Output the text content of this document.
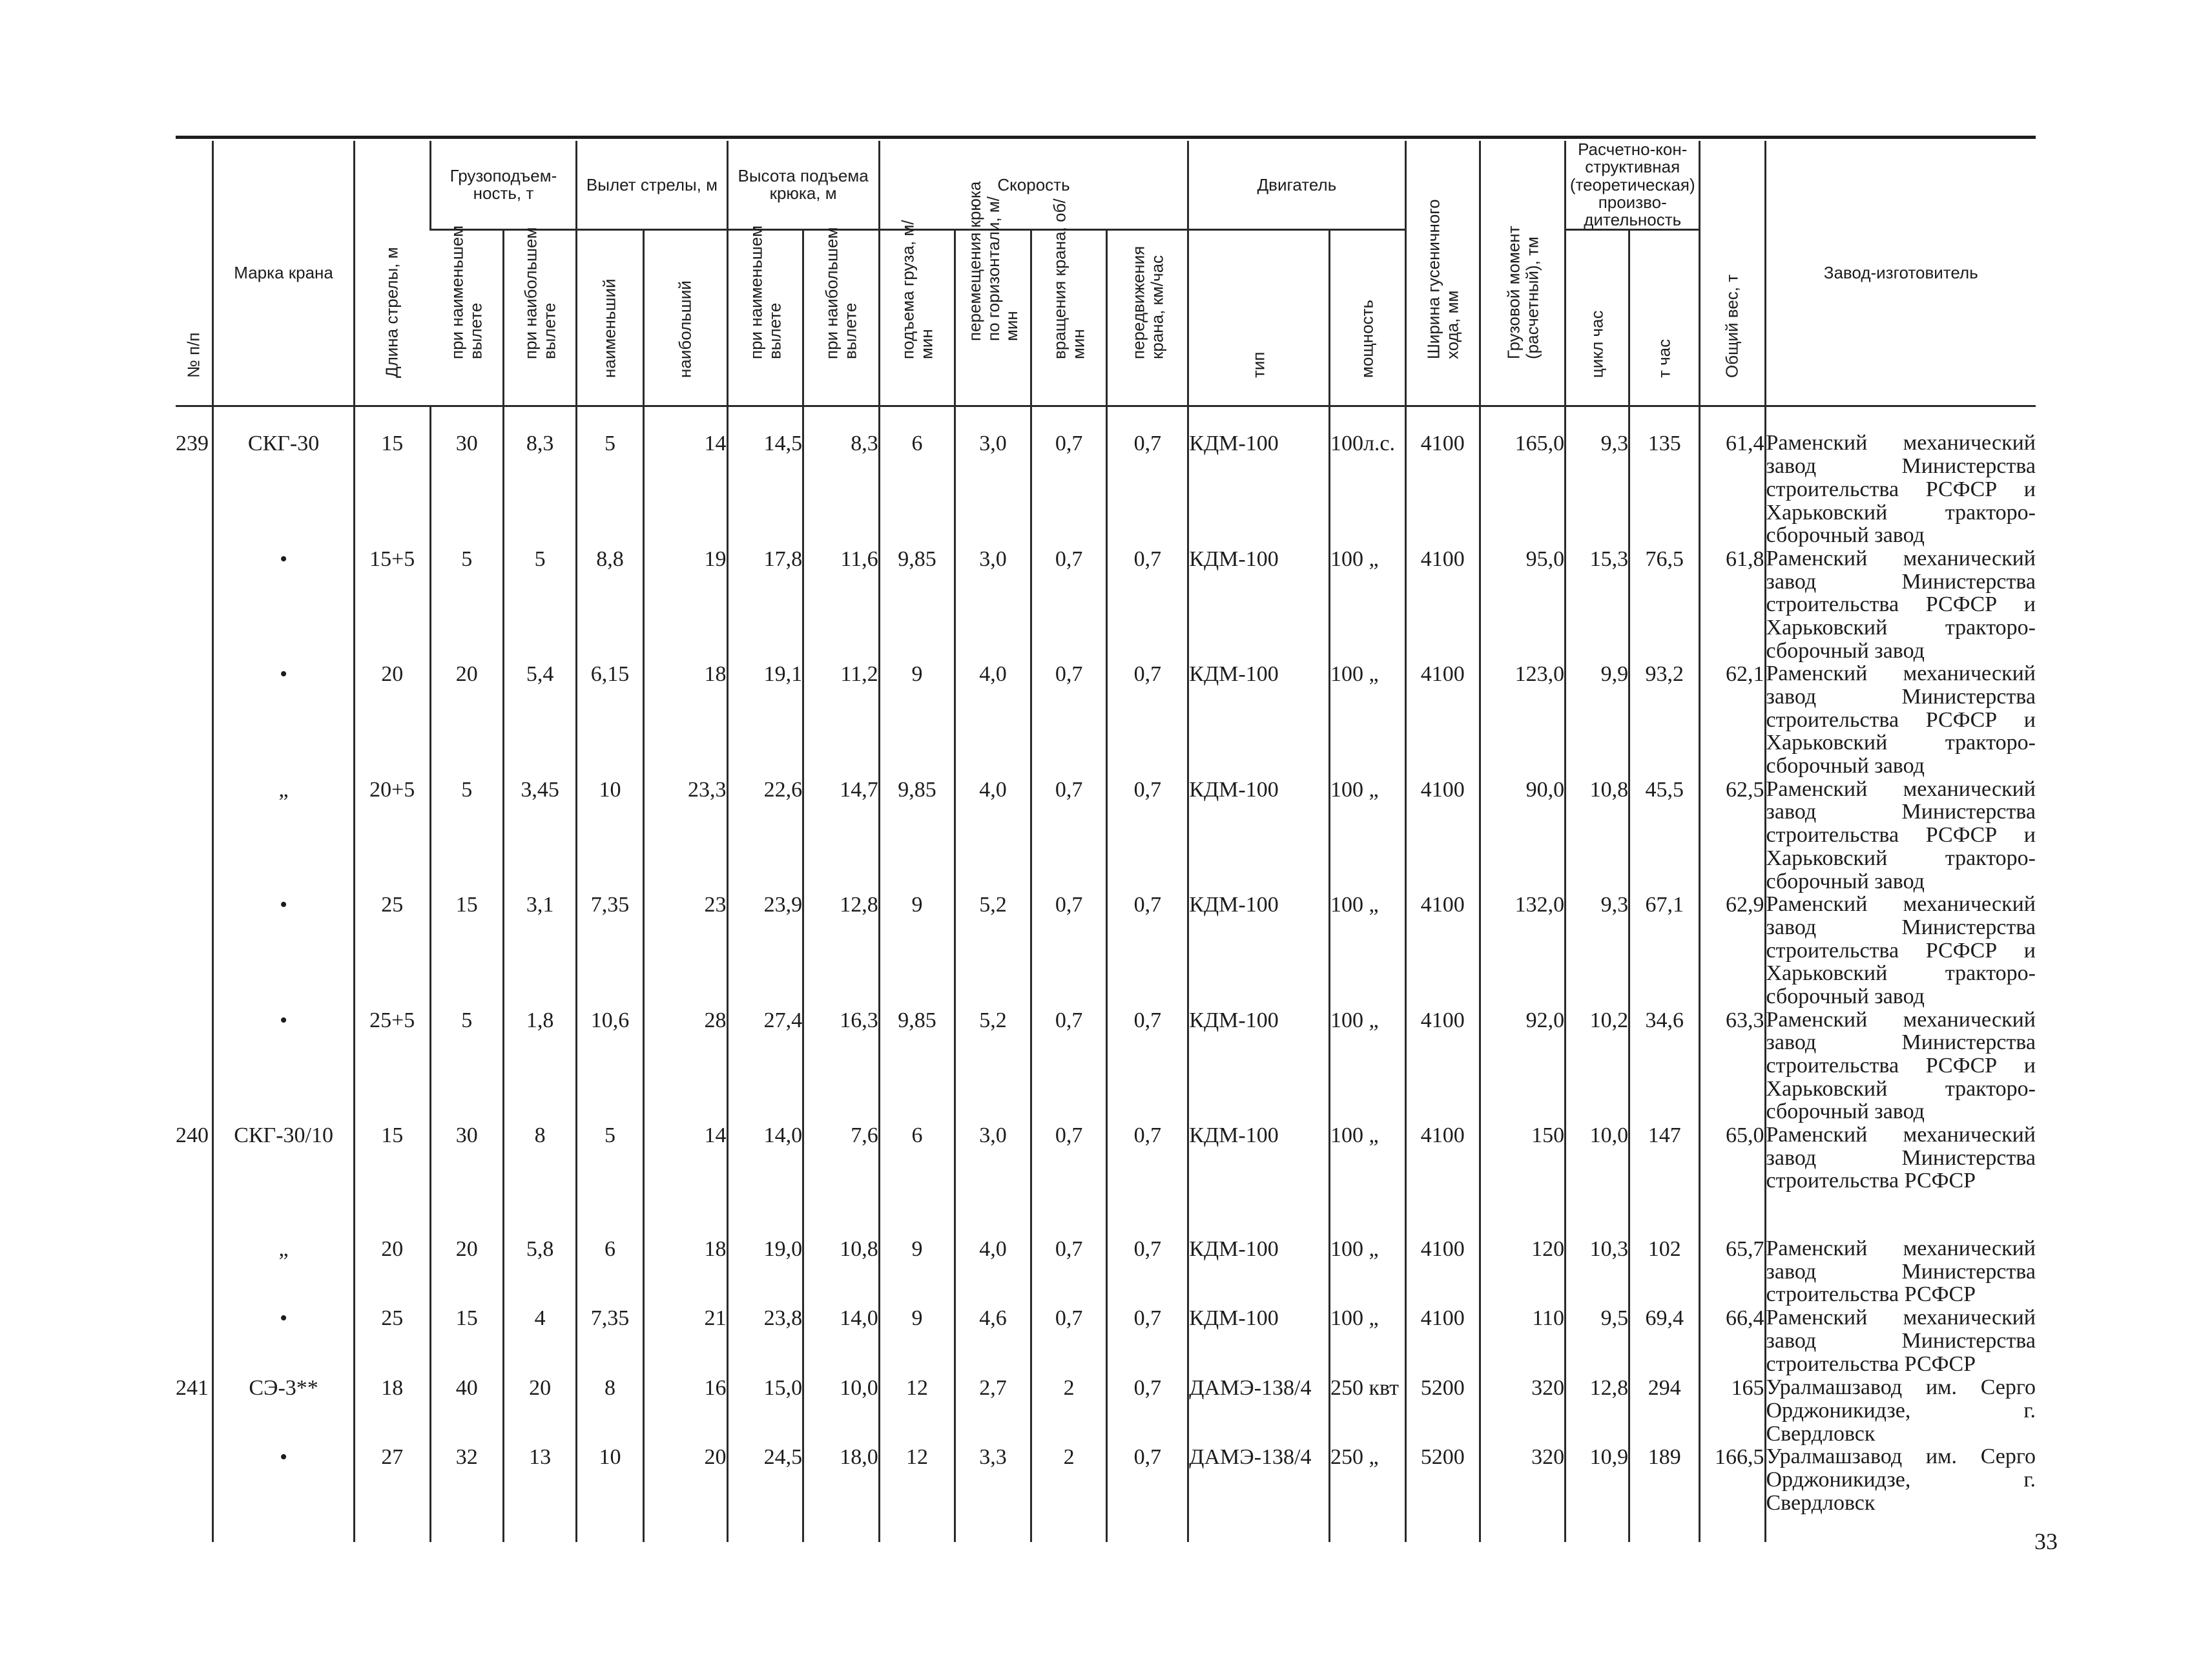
№ п/п	Марка крана	Длина стрелы, м	Грузоподъемность, т		Вылет стрелы, м		Высота подъема крюка, м		Скорость				Двигатель		Ширина гусеничного хода, мм	Грузовой момент (расчетный), тм	Расчетно-конструктивная (теоретическая) производительность		Общий вес, т	Завод-изготовитель

			при наименьшем вылете	при наибольшем вылете	наименьший	наибольший	при наименьшем вылете	при наибольшем вылете	подъема груза, м/мин	перемещения крюка по горизонтали, м/мин	вращения крана, об/мин	передвижения крана, км/час	тип	мощность			цикл час	т час		

239	СКГ-30	15	30	8,3	5	14	14,5	8,3	6	3,0	0,7	0,7	КДМ-100	100л.с.	4100	165,0	9,3	135	61,4	Раменский механический завод Министерства строительства РСФСР и Харьковский тракторосборочный завод
	•	15+5	5	5	8,8	19	17,8	11,6	9,85	3,0	0,7	0,7	КДМ-100	100 „	4100	95,0	15,3	76,5	61,8	Раменский механический завод Министерства строительства РСФСР и Харьковский тракторосборочный завод
	•	20	20	5,4	6,15	18	19,1	11,2	9	4,0	0,7	0,7	КДМ-100	100 „	4100	123,0	9,9	93,2	62,1	Раменский механический завод Министерства строительства РСФСР и Харьковский тракторосборочный завод
	„	20+5	5	3,45	10	23,3	22,6	14,7	9,85	4,0	0,7	0,7	КДМ-100	100 „	4100	90,0	10,8	45,5	62,5	Раменский механический завод Министерства строительства РСФСР и Харьковский тракторосборочный завод
	•	25	15	3,1	7,35	23	23,9	12,8	9	5,2	0,7	0,7	КДМ-100	100 „	4100	132,0	9,3	67,1	62,9	Раменский механический завод Министерства строительства РСФСР и Харьковский тракторосборочный завод
	•	25+5	5	1,8	10,6	28	27,4	16,3	9,85	5,2	0,7	0,7	КДМ-100	100 „	4100	92,0	10,2	34,6	63,3	Раменский механический завод Министерства строительства РСФСР и Харьковский тракторосборочный завод
240	СКГ-30/10	15	30	8	5	14	14,0	7,6	6	3,0	0,7	0,7	КДМ-100	100 „	4100	150	10,0	147	65,0	Раменский механический завод Министерства строительства РСФСР
	„	20	20	5,8	6	18	19,0	10,8	9	4,0	0,7	0,7	КДМ-100	100 „	4100	120	10,3	102	65,7	Раменский механический завод Министерства строительства РСФСР
	•	25	15	4	7,35	21	23,8	14,0	9	4,6	0,7	0,7	КДМ-100	100 „	4100	110	9,5	69,4	66,4	Раменский механический завод Министерства строительства РСФСР
241	СЭ-3**	18	40	20	8	16	15,0	10,0	12	2,7	2	0,7	ДАМЭ-138/4	250 квт	5200	320	12,8	294	165	Уралмашзавод им. Серго Орджоникидзе, г. Свердловск
	•	27	32	13	10	20	24,5	18,0	12	3,3	2	0,7	ДАМЭ-138/4	250 „	5200	320	10,9	189	166,5	Уралмашзавод им. Серго Орджоникидзе, г. Свердловск
33
